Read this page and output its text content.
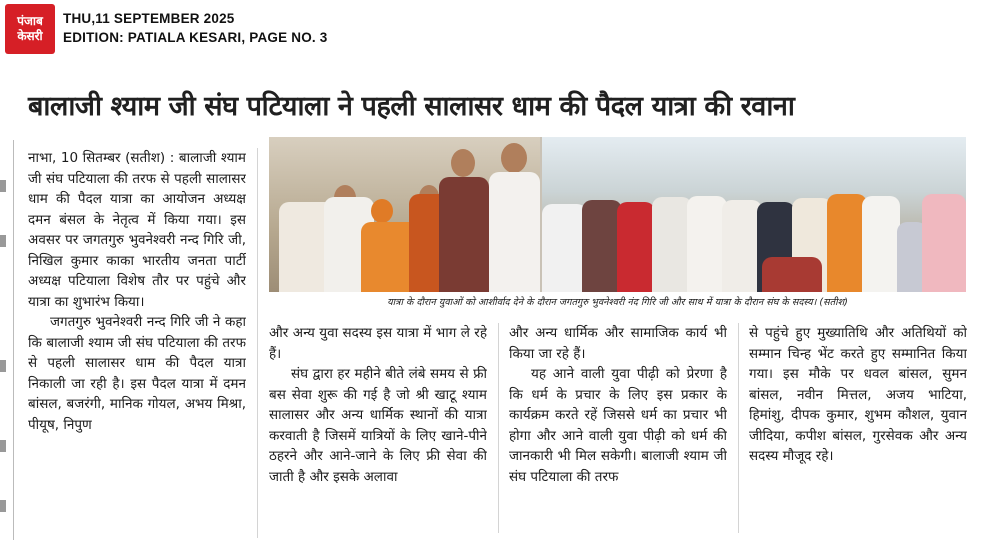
पंजाब
केसरी
THU,11 SEPTEMBER 2025
EDITION: PATIALA KESARI, PAGE NO. 3
बालाजी श्याम जी संघ पटियाला ने पहली सालासर धाम की पैदल यात्रा की रवाना
यात्रा के दौरान युवाओं को आशीर्वाद देने के दौरान जगतगुरु भुवनेश्वरी नंद गिरि जी और साथ में यात्रा के दौरान संघ के सदस्य। (सतीश)

नाभा, 10 सितम्बर (सतीश) : बालाजी श्याम जी संघ पटियाला की तरफ से पहली सालासर धाम की पैदल यात्रा का आयोजन अध्यक्ष दमन बंसल के नेतृत्व में किया गया। इस अवसर पर जगतगुरु भुवनेश्वरी नन्द गिरि जी, निखिल कुमार काका भारतीय जनता पार्टी अध्यक्ष पटियाला विशेष तौर पर पहुंचे और यात्रा का शुभारंभ किया।

जगतगुरु भुवनेश्वरी नन्द गिरि जी ने कहा कि बालाजी श्याम जी संघ पटियाला की तरफ से पहली सालासर धाम की पैदल यात्रा निकाली जा रही है। इस पैदल यात्रा में दमन बांसल, बजरंगी, मानिक गोयल, अभय मिश्रा, पीयूष, निपुण

और अन्य युवा सदस्य इस यात्रा में भाग ले रहे हैं।

संघ द्वारा हर महीने बीते लंबे समय से फ्री बस सेवा शुरू की गई है जो श्री खाटू श्याम सालासर और अन्य धार्मिक स्थानों की यात्रा करवाती है जिसमें यात्रियों के लिए खाने-पीने ठहरने और आने-जाने के लिए फ्री सेवा की जाती है और इसके अलावा

और अन्य धार्मिक और सामाजिक कार्य भी किया जा रहे हैं।

यह आने वाली युवा पीढ़ी को प्रेरणा है कि धर्म के प्रचार के लिए इस प्रकार के कार्यक्रम करते रहें जिससे धर्म का प्रचार भी होगा और आने वाली युवा पीढ़ी को धर्म की जानकारी भी मिल सकेगी। बालाजी श्याम जी संघ पटियाला की तरफ

से पहुंचे हुए मुख्यातिथि और अतिथियों को सम्मान चिन्ह भेंट करते हुए सम्मानित किया गया। इस मौके पर धवल बांसल, सुमन बांसल, नवीन मित्तल, अजय भाटिया, हिमांशु, दीपक कुमार, शुभम कौशल, युवान जीदिया, कपीश बांसल, गुरसेवक और अन्य सदस्य मौजूद रहे।
